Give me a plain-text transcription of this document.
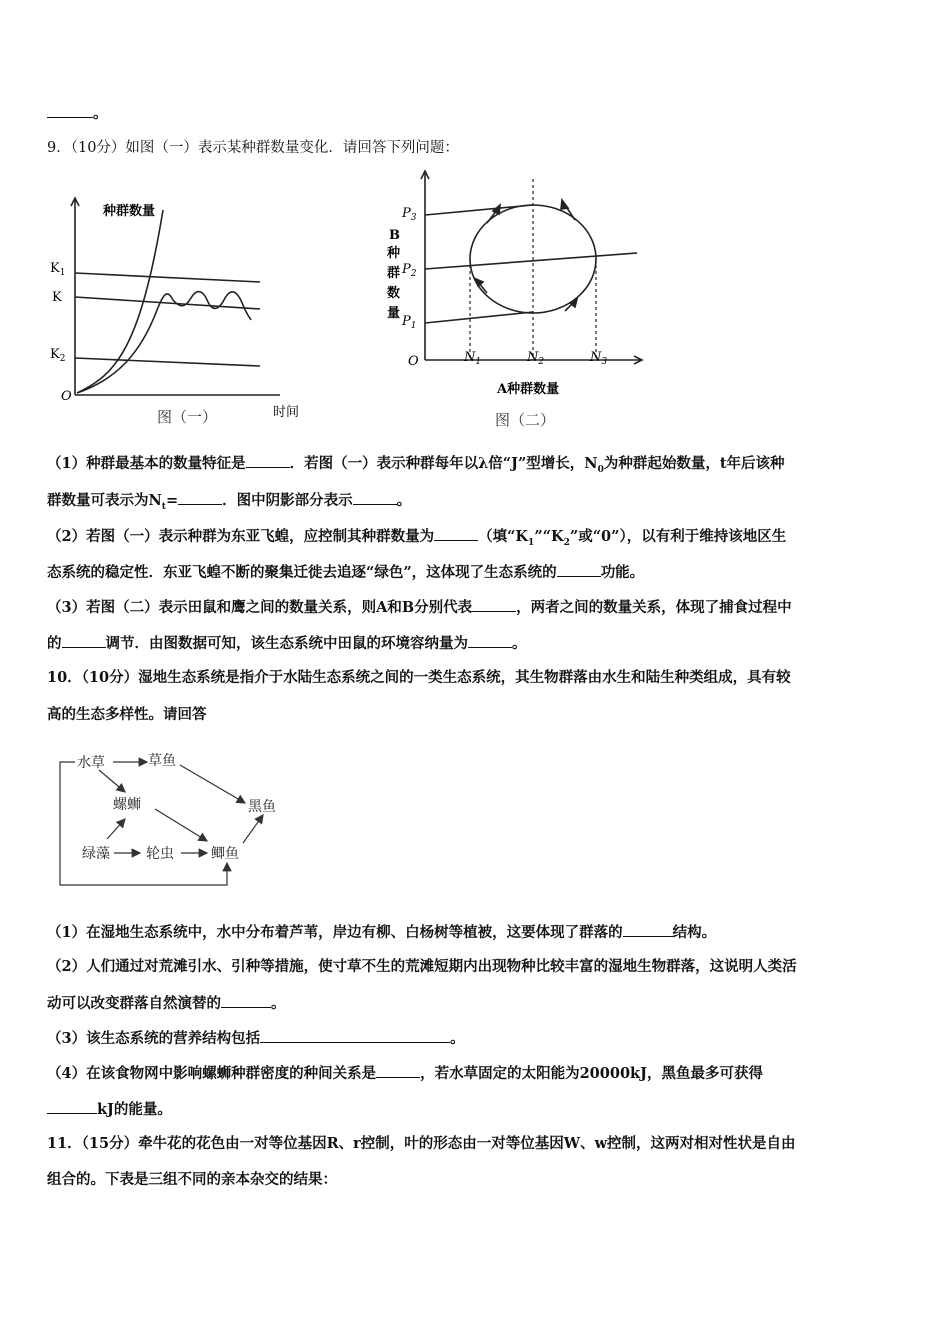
。
9．（10分）如图（一）表示某种群数量变化．请回答下列问题：
种群数量
$K_1$
K
$K_2$
O
时间
图（一）
B
种
群
数
量
$P_3$
$P_2$
$P_1$
O	$N_1$	$N_2$	$N_3$
A种群数量
图（二）
（1）种群最基本的数量特征是	．若图（一）表示种群每年以λ倍“J”型增长，$N_0$为种群起始数量，t年后该种
群数量可表示为$N_t=$	．图中阴影部分表示	。
（2）若图（一）表示种群为东亚飞蝗，应控制其种群数量为	（填“$K_1”“K_2$”或“0”），以有利于维持该地区生
态系统的稳定性．东亚飞蝗不断的聚集迁徙去追逐“绿色”，这体现了生态系统的	功能。
（3）若图（二）表示田鼠和鹰之间的数量关系，则A和B分别代表	，两者之间的数量关系，体现了捕食过程中
的	调节．由图数据可知，该生态系统中田鼠的环境容纳量为	。
10．（10分）湿地生态系统是指介于水陆生态系统之间的一类生态系统，其生物群落由水生和陆生种类组成，具有较
高的生态多样性。请回答
水草	草鱼
螺蛳	黑鱼
绿藻	轮虫	鲫鱼
（1）在湿地生态系统中，水中分布着芦苇，岸边有柳、白杨树等植被，这要体现了群落的	结构。
（2）人们通过对荒滩引水、引种等措施，使寸草不生的荒滩短期内出现物种比较丰富的湿地生物群落，这说明人类活
动可以改变群落自然演替的	。
（3）该生态系统的营养结构包括	。
（4）在该食物网中影响螺蛳种群密度的种间关系是	，若水草固定的太阳能为20000kJ，黑鱼最多可获得
kJ的能量。
11．（15分）牵牛花的花色由一对等位基因R、r控制，叶的形态由一对等位基因W、w控制，这两对相对性状是自由
组合的。下表是三组不同的亲本杂交的结果：
